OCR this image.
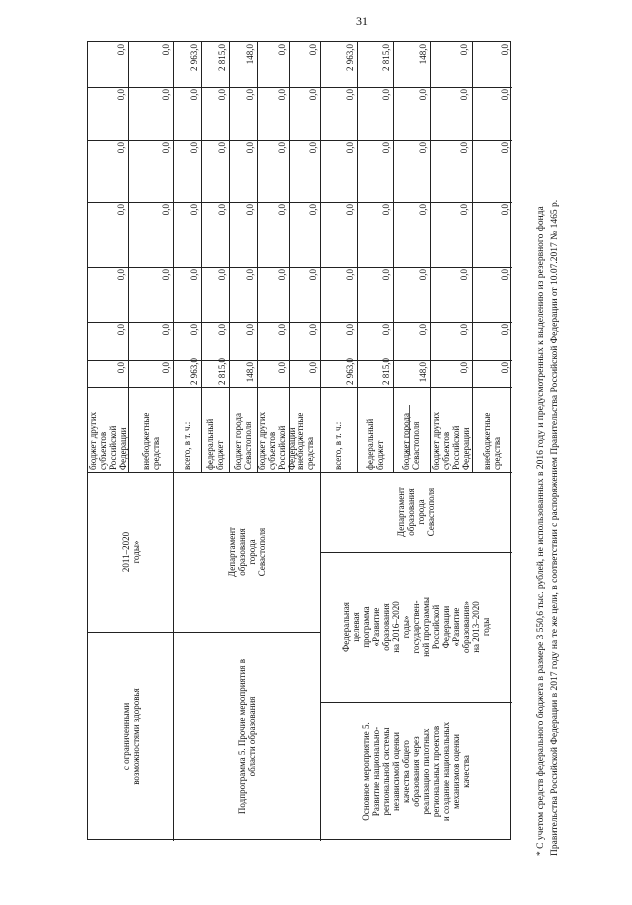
31
бюджет других субъектов Российской Федерации
0,0
0,0
0,0
0,0
0,0
0,0
0,0
внебюджетные средства
0,0
0,0
0,0
0,0
0,0
0,0
0,0
всего, в т. ч.:
2 963,0
0,0
0,0
0,0
0,0
0,0
2 963,0
федеральный бюджет
2 815,0
0,0
0,0
0,0
0,0
0,0
2 815,0
бюджет города Севастополя
148,0
0,0
0,0
0,0
0,0
0,0
148,0
бюджет других субъектов Российской Федерации
0,0
0,0
0,0
0,0
0,0
0,0
0,0
внебюджетные средства
0,0
0,0
0,0
0,0
0,0
0,0
0,0
всего, в т. ч.:
2 963,0
0,0
0,0
0,0
0,0
0,0
2 963,0
федеральный бюджет
2 815,0
0,0
0,0
0,0
0,0
0,0
2 815,0
бюджет города Севастополя
148,0
0,0
0,0
0,0
0,0
0,0
148,0
бюджет других субъектов Российской Федерации
0,0
0,0
0,0
0,0
0,0
0,0
0,0
внебюджетные средства
0,0
0,0
0,0
0,0
0,0
0,0
0,0
2011–2020 годы»
с ограниченными возможностями здоровья
Департамент образования города Севастополя
Подпрограмма 5. Прочие мероприятия в области образования
Департамент образования города Севастополя
Федеральная целевая программа «Развитие образования на 2016–2020 годы» государствен- ной программы Российской Федерации «Развитие образования» на 2013–2020 годы
Основное мероприятие 5. Развитие национально- региональной системы независимой оценки качества общего образования через реализацию пилотных региональных проектов и создание национальных механизмов оценки качества	* С учетом средств федерального бюджета в размере 3 550,6 тыс. рублей, не использованных в 2016 году и предусмотренных к выделению из резервного фонда Правительства Российской Федерации в 2017 году на те же цели, в соответствии с распоряжением Правительства Российской Федерации от 10.07.2017 № 1465 р.
